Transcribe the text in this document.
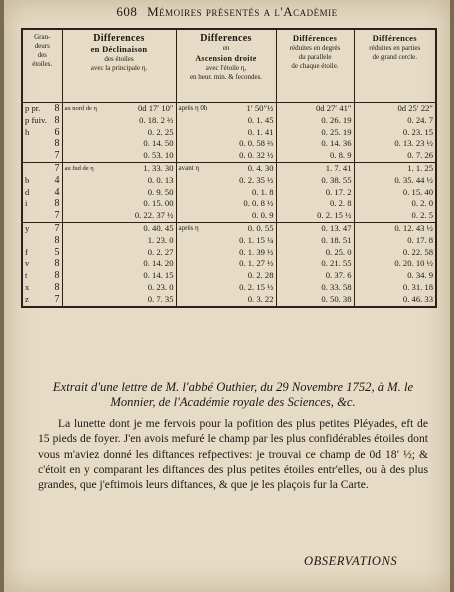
608 Mémoires présentés a l'Académie
Gran-
deurs
des
étoiles.	Differences
en Déclinaison
des étoiles
avec la principale η.	Differences
en
Ascension droite
avec l'étoile η,
en heur. min. & fecondes.	Différences
réduites en degrés
du parallele
de chaque étoile.	Différences
réduites en parties
de grand cercle.

p pr. 8	au nord de η 0d 17′ 10″	après η 0h 1′ 50″½	0d 27′ 41″	0d 25′ 22″

p fuiv. 8	0. 18. 2 ⅔	0. 1. 45	0. 26. 19	0. 24. 7

h 6	0. 2. 25	0. 1. 41	0. 25. 19	0. 23. 15

8	0. 14. 50	0. 0. 58 ⅔	0. 14. 36	0. 13. 23 ½

7	0. 53. 10	0. 0. 32 ½	0. 8. 9	0. 7. 26

7	au fud de η 1. 33. 30	avant η 0. 4. 30	1. 7. 41	1. 1. 25

b 4	0. 0. 13	0. 2. 35 ½	0. 38. 55	0. 35. 44 ½

d 4	0. 9. 50	0. 1. 8	0. 17. 2	0. 15. 40

i 8	0. 15. 00	0. 0. 8 ½	0. 2. 8	0. 2. 0

7	0. 22. 37 ½	0. 0. 9	0. 2. 15 ½	0. 2. 5

y 7	0. 40. 45	après η 0. 0. 55	0. 13. 47	0. 12. 43 ½

8	1. 23. 0	0. 1. 15 ¼	0. 18. 51	0. 17. 8

f 5	0. 2. 27	0. 1. 39 ½	0. 25. 0	0. 22. 58

v 8	0. 14. 20	0. 1. 27 ½	0. 21. 55	0. 20. 10 ½

t 8	0. 14. 15	0. 2. 28	0. 37. 6	0. 34. 9

x 8	0. 23. 0	0. 2. 15 ½	0. 33. 58	0. 31. 18

z 7	0. 7. 35	0. 3. 22	0. 50. 38	0. 46. 33
Extrait d'une lettre de M. l'abbé Outhier, du 29 Novembre 1752, à M. le Monnier, de l'Académie royale des Sciences, &c.
La lunette dont je me fervois pour la pofition des plus petites Pléyades, eft de 15 pieds de foyer. J'en avois mefuré le champ par les plus confidérables étoiles dont vous m'aviez donné les diftances refpectives: je trouvai ce champ de 0d 18′ ½; & c'étoit en y comparant les diftances des plus petites étoiles entr'elles, ou à des plus grandes, que j'eftimois leurs diftances, & que je les plaçois fur la Carte.
OBSERVATIONS
